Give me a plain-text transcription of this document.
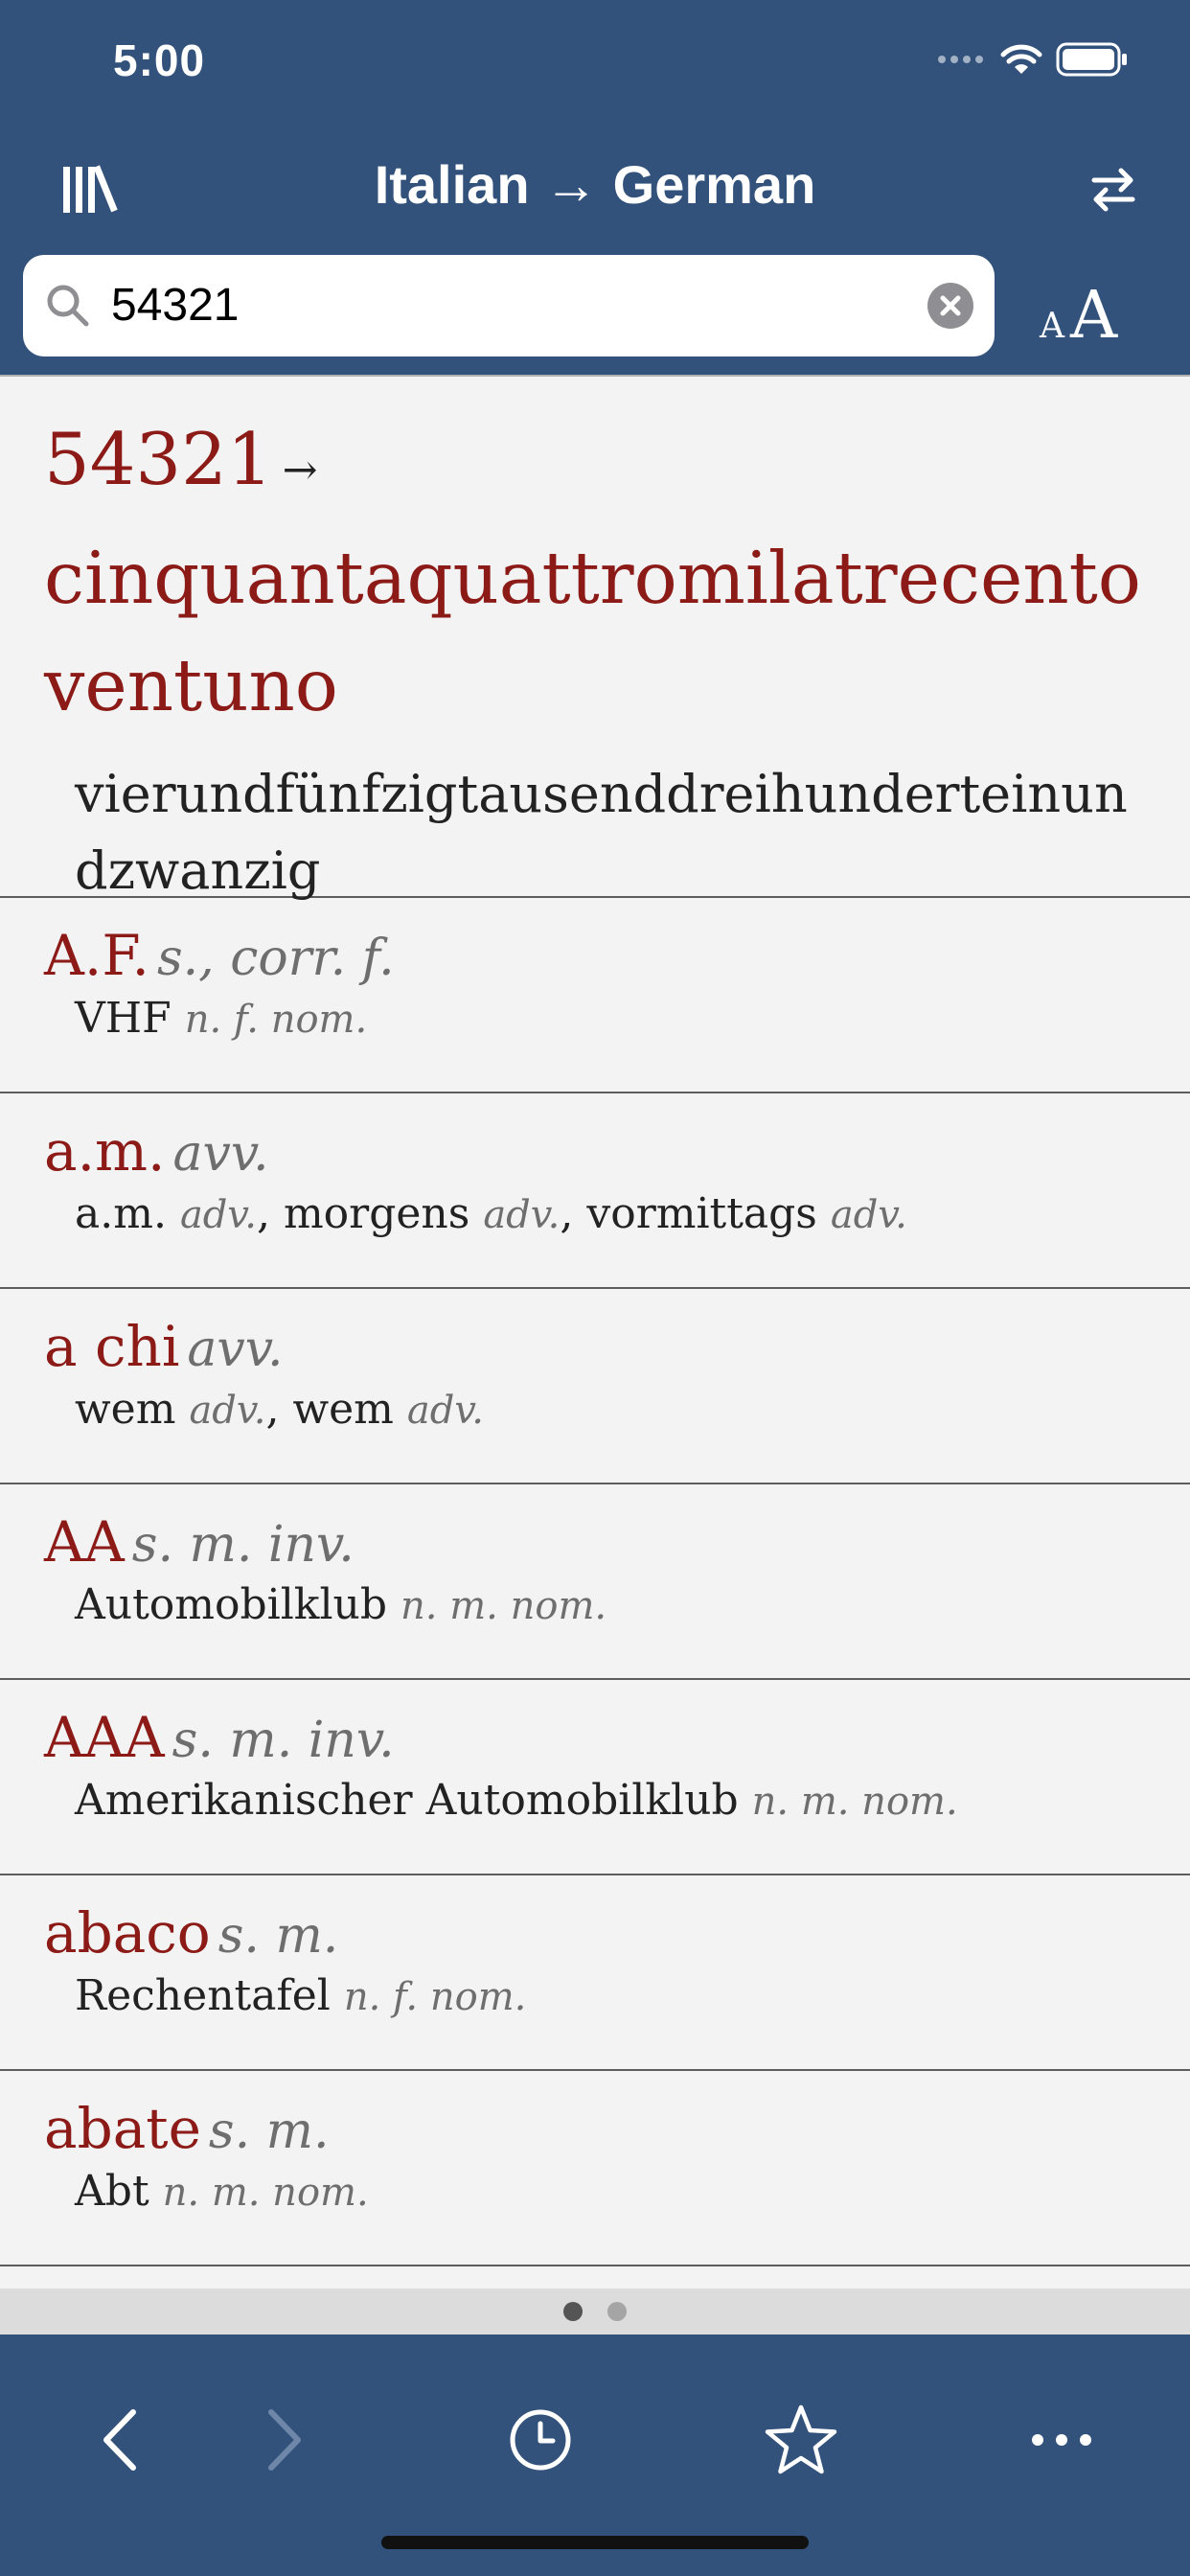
5:00
Italian → German
54321	AA
54321 →
cinquantaquattromilatrecentoventuno
vierundfünfzigtausenddreihunderteinundzwanzig
A.F. s., corr. f.
VHF n. f. nom.
a.m. avv.
a.m. adv., morgens adv., vormittags adv.
a chi avv.
wem adv., wem adv.
AA s. m. inv.
Automobilklub n. m. nom.
AAA s. m. inv.
Amerikanischer Automobilklub n. m. nom.
abaco s. m.
Rechentafel n. f. nom.
abate s. m.
Abt n. m. nom.
